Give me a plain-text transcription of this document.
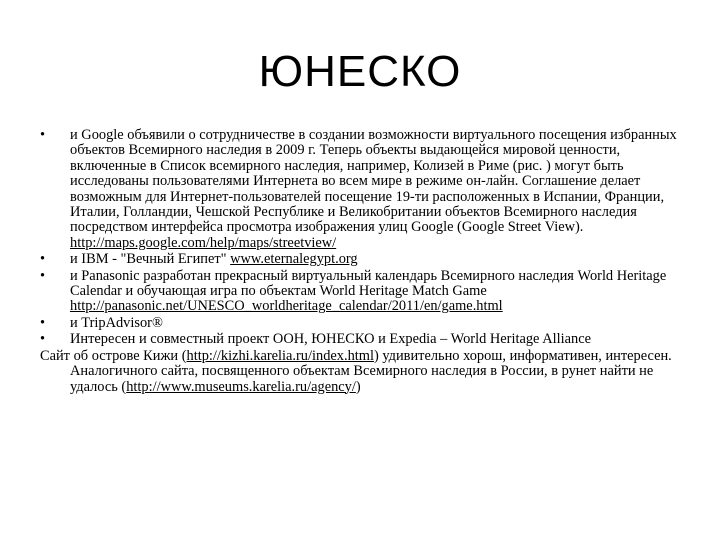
ЮНЕСКО
• и Google объявили о сотрудничестве в создании возможности виртуального посещения избранных объектов Всемирного наследия в 2009 г. Теперь объекты выдающейся мировой ценности, включенные в Список всемирного наследия, например, Колизей в Риме (рис. ) могут быть исследованы пользователями Интернета во всем мире в режиме он-лайн. Соглашение делает возможным для Интернет-пользователей посещение 19-ти расположенных в Испании, Франции, Италии, Голландии, Чешской Республике и Великобритании объектов Всемирного наследия посредством интерфейса просмотра изображения улиц Google (Google Street View).
http://maps.google.com/help/maps/streetview/
• и IBM - "Вечный Египет" www.eternalegypt.org
• и Panasonic разработан прекрасный виртуальный календарь Всемирного наследия World Heritage Calendar и обучающая игра по объектам World Heritage Match Game
http://panasonic.net/UNESCO_worldheritage_calendar/2011/en/game.html
• и TripAdvisor®
• Интересен и совместный проект ООН, ЮНЕСКО и Expedia – World Heritage Alliance

Сайт об острове Кижи (http://kizhi.karelia.ru/index.html) удивительно хорош, информативен, интересен. Аналогичного сайта, посвященного объектам Всемирного наследия в России, в рунет найти не удалось (http://www.museums.karelia.ru/agency/)
